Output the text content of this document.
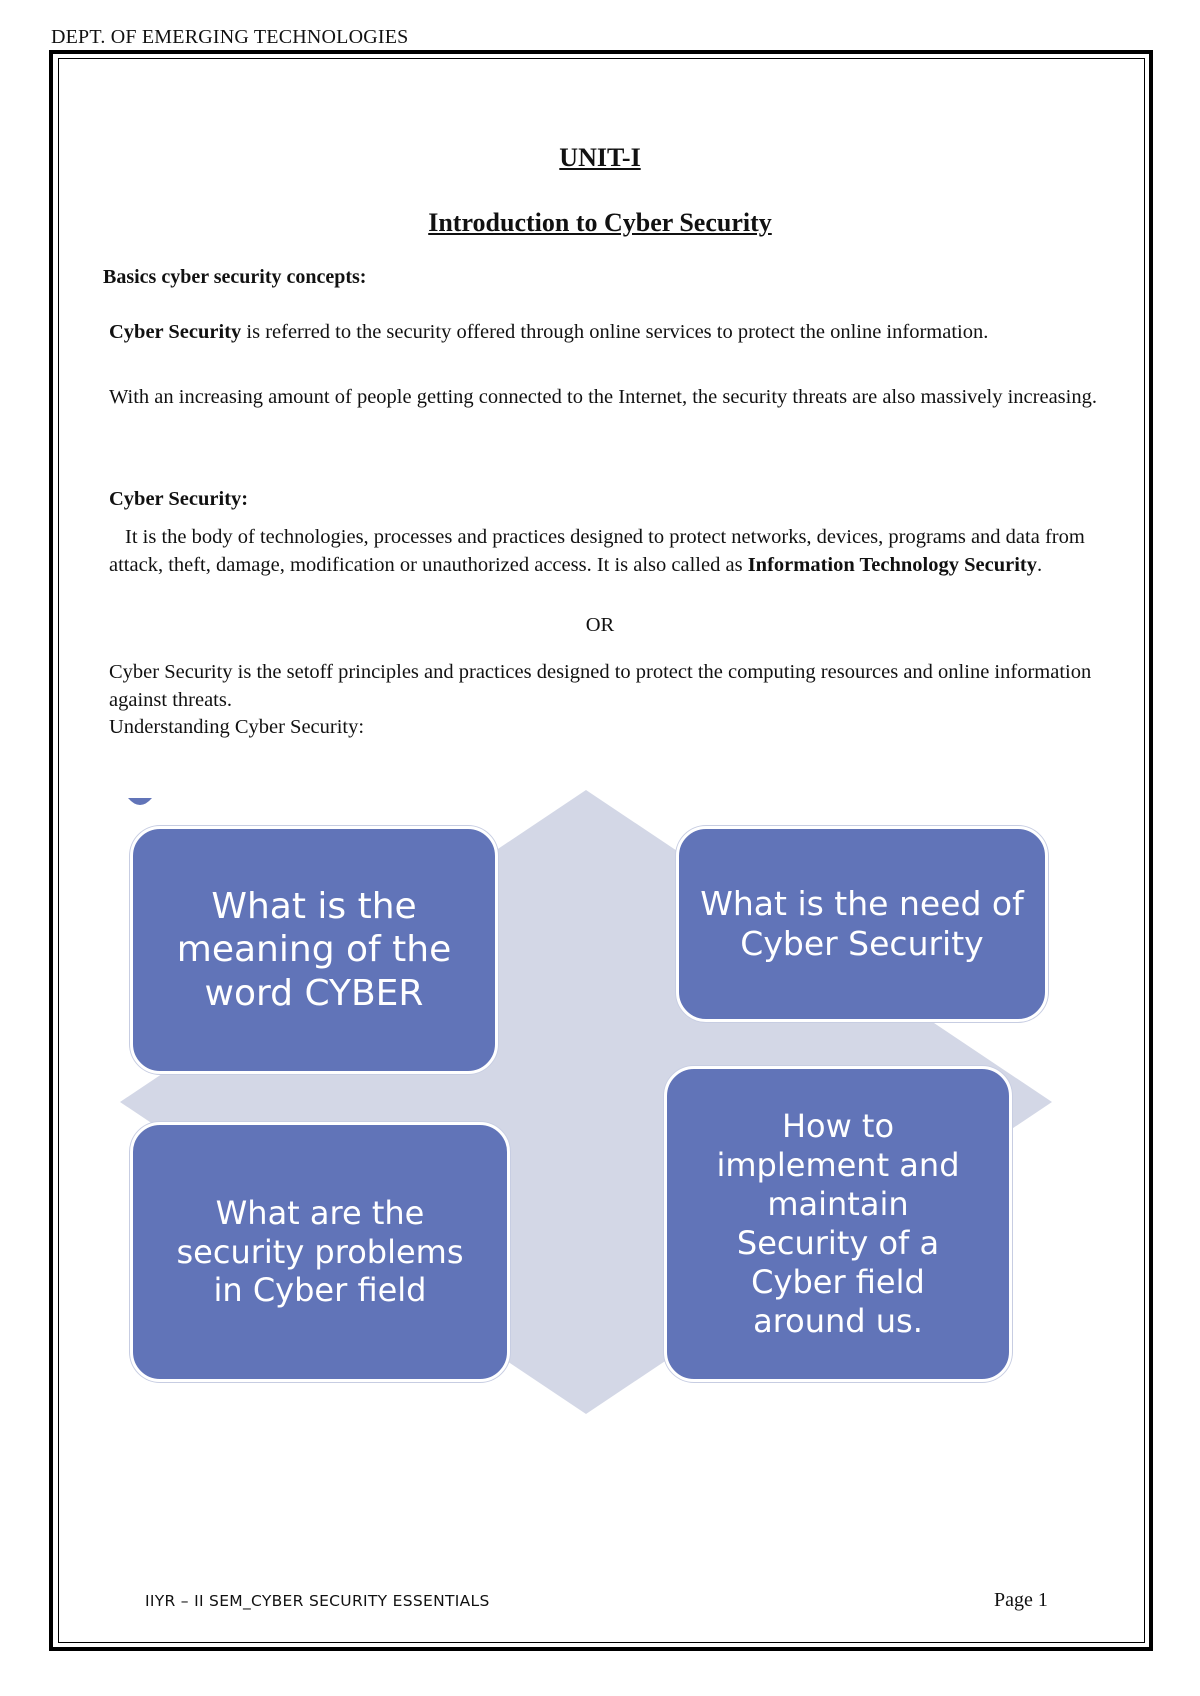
DEPT. OF EMERGING TECHNOLOGIES
UNIT-I
Introduction to Cyber Security
Basics cyber security concepts:
Cyber Security is referred to the security offered through online services to protect the online information.
With an increasing amount of people getting connected to the Internet, the security threats are also massively increasing.
Cyber Security:
It is the body of technologies, processes and practices designed to protect networks, devices, programs and data from attack, theft, damage, modification or unauthorized access. It is also called as Information Technology Security.
OR
Cyber Security is the setoff principles and practices designed to protect the computing resources and online information against threats.
Understanding Cyber Security:
What is the
meaning of the
word CYBER
What is the need of
Cyber Security
What are the
security problems
in Cyber field
How to
implement and
maintain
Security of a
Cyber field
around us.
IIYR – II SEM_CYBER SECURITY ESSENTIALS	Page 1
